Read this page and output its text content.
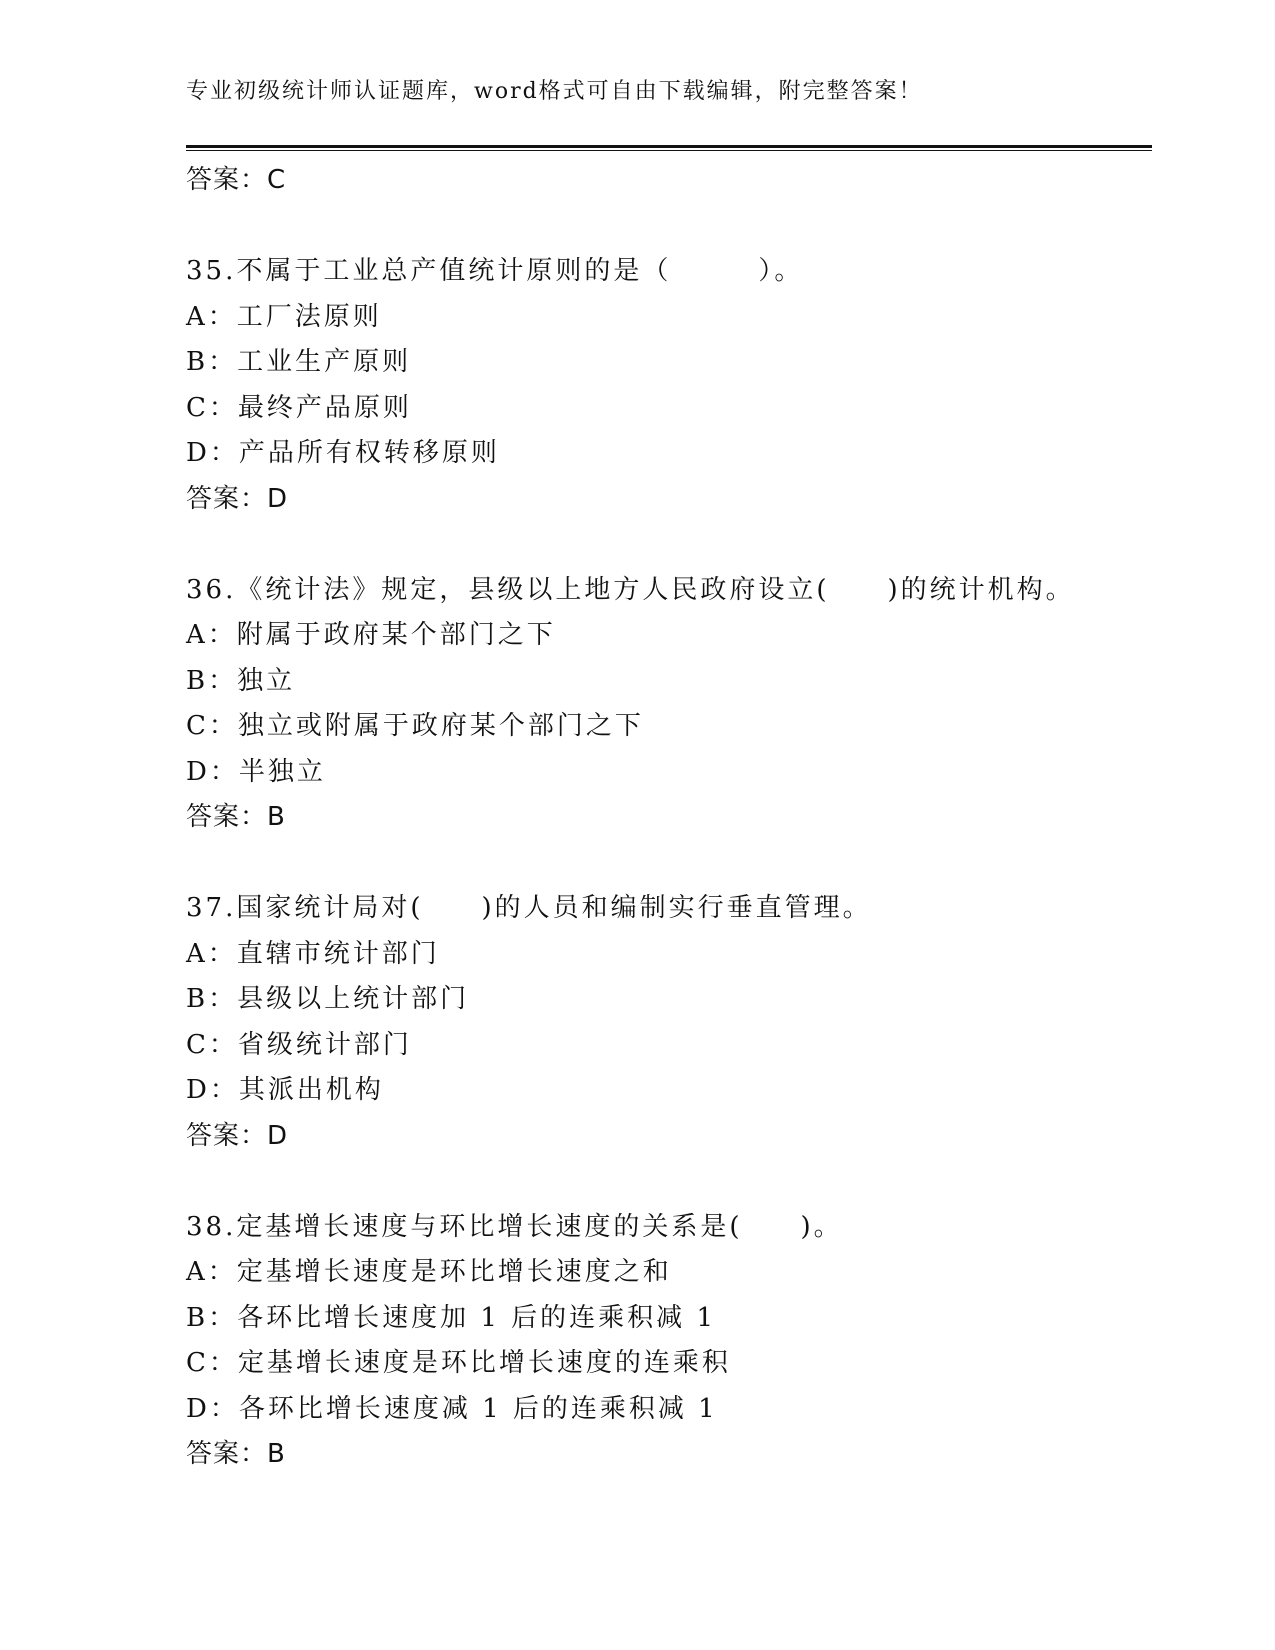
专业初级统计师认证题库，word格式可自由下载编辑，附完整答案！
答案：C
35.不属于工业总产值统计原则的是（　　　）。
A：工厂法原则
B：工业生产原则
C：最终产品原则
D：产品所有权转移原则
答案：D
36.《统计法》规定，县级以上地方人民政府设立(　　)的统计机构。
A：附属于政府某个部门之下
B：独立
C：独立或附属于政府某个部门之下
D：半独立
答案：B
37.国家统计局对(　　)的人员和编制实行垂直管理。
A：直辖市统计部门
B：县级以上统计部门
C：省级统计部门
D：其派出机构
答案：D
38.定基增长速度与环比增长速度的关系是(　　)。
A：定基增长速度是环比增长速度之和
B：各环比增长速度加 1 后的连乘积减 1
C：定基增长速度是环比增长速度的连乘积
D：各环比增长速度减 1 后的连乘积减 1
答案：B
